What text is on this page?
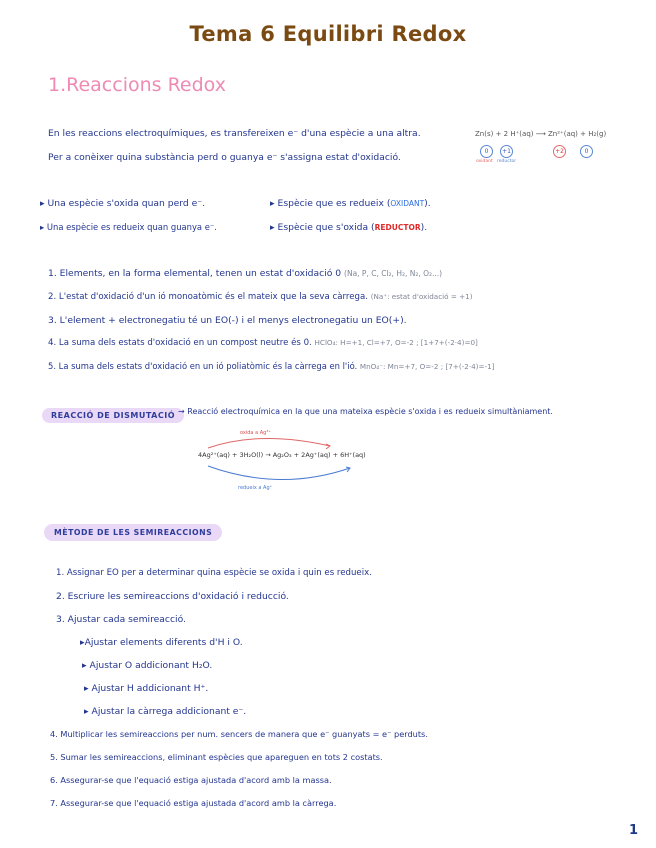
Tema 6 Equilibri Redox
1.Reaccions Redox
En les reaccions electroquímiques, es transfereixen e⁻ d'una espècie a una altra.
Per a conèixer quina substància perd o guanya e⁻ s'assigna estat d'oxidació.
Zn(s) + 2 H⁺(aq) ⟶ Zn²⁺(aq) + H₂(g)
0	+1	+2	0
oxidant reductor
▸ Una espècie s'oxida quan perd e⁻.
▸ Una espècie es redueix quan guanya e⁻.
▸ Espècie que es redueix (OXIDANT).
▸ Espècie que s'oxida (REDUCTOR).
1. Elements, en la forma elemental, tenen un estat d'oxidació 0 (Na, P, C, Cl₂, H₂, N₂, O₂...)
2. L'estat d'oxidació d'un ió monoatòmic és el mateix que la seva càrrega. (Na⁺: estat d'oxidació = +1)
3. L'element + electronegatiu té un EO(-) i el menys electronegatiu un EO(+).
4. La suma dels estats d'oxidació en un compost neutre és 0. HClO₄: H=+1, Cl=+7, O=-2 ; [1+7+(-2·4)=0]
5. La suma dels estats d'oxidació en un ió poliatòmic és la càrrega en l'ió. MnO₄⁻: Mn=+7, O=-2 ; [7+(-2·4)=-1]
REACCIÓ DE DISMUTACIÓ → Reacció electroquímica en la que una mateixa espècie s'oxida i es redueix simultàniament.
oxida a Ag³⁺
4Ag²⁺(aq) + 3H₂O(l) → Ag₂O₃ + 2Ag⁺(aq) + 6H⁺(aq)
redueix a Ag⁺
MÈTODE DE LES SEMIREACCIONS
1. Assignar EO per a determinar quina espècie se oxida i quin es redueix.
2. Escriure les semireaccions d'oxidació i reducció.
3. Ajustar cada semireacció.
▸Ajustar elements diferents d'H i O.
▸ Ajustar O addicionant H₂O.
▸ Ajustar H addicionant H⁺.
▸ Ajustar la càrrega addicionant e⁻.
4. Multiplicar les semireaccions per num. sencers de manera que e⁻ guanyats = e⁻ perduts.
5. Sumar les semireaccions, eliminant espècies que apareguen en tots 2 costats.
6. Assegurar-se que l'equació estiga ajustada d'acord amb la massa.
7. Assegurar-se que l'equació estiga ajustada d'acord amb la càrrega.
1
